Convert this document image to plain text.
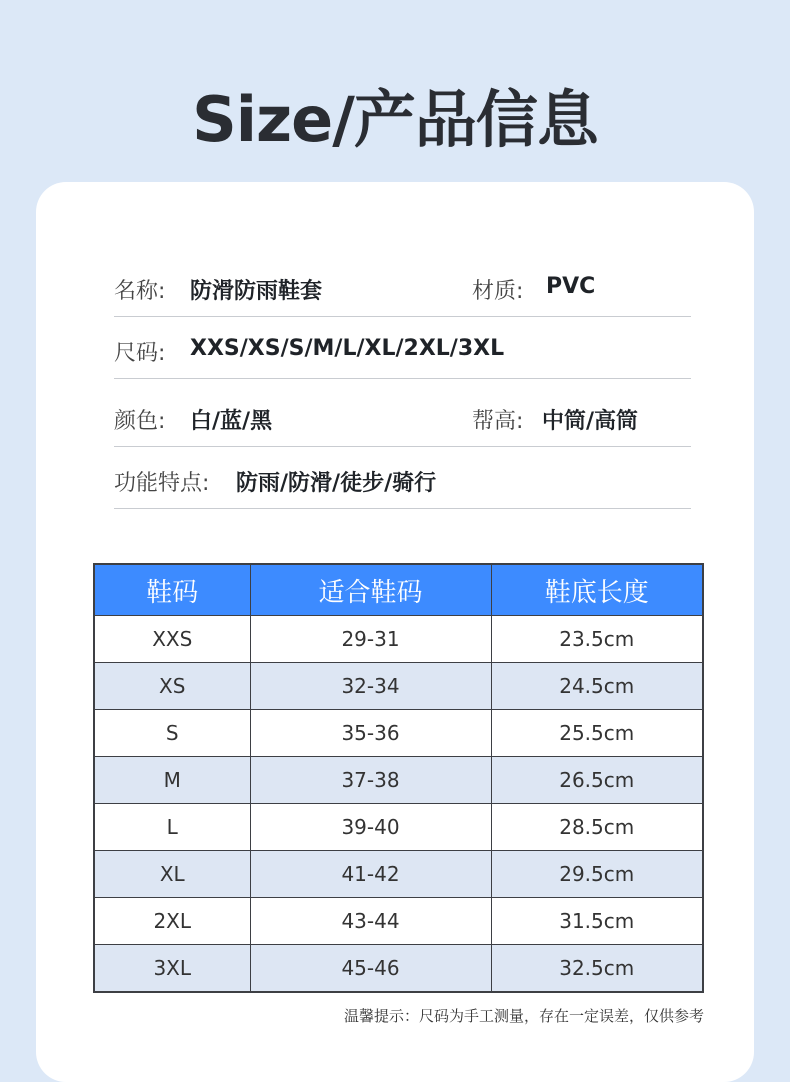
Size/产品信息
名称: 防滑防雨鞋套	材质: PVC
尺码: XXS/XS/S/M/L/XL/2XL/3XL
颜色: 白/蓝/黑	帮高: 中筒/高筒
功能特点: 防雨/防滑/徒步/骑行
鞋码	适合鞋码	鞋底长度
XXS	29-31	23.5cm
XS	32-34	24.5cm
S	35-36	25.5cm
M	37-38	26.5cm
L	39-40	28.5cm
XL	41-42	29.5cm
2XL	43-44	31.5cm
3XL	45-46	32.5cm
温馨提示：尺码为手工测量，存在一定误差，仅供参考
